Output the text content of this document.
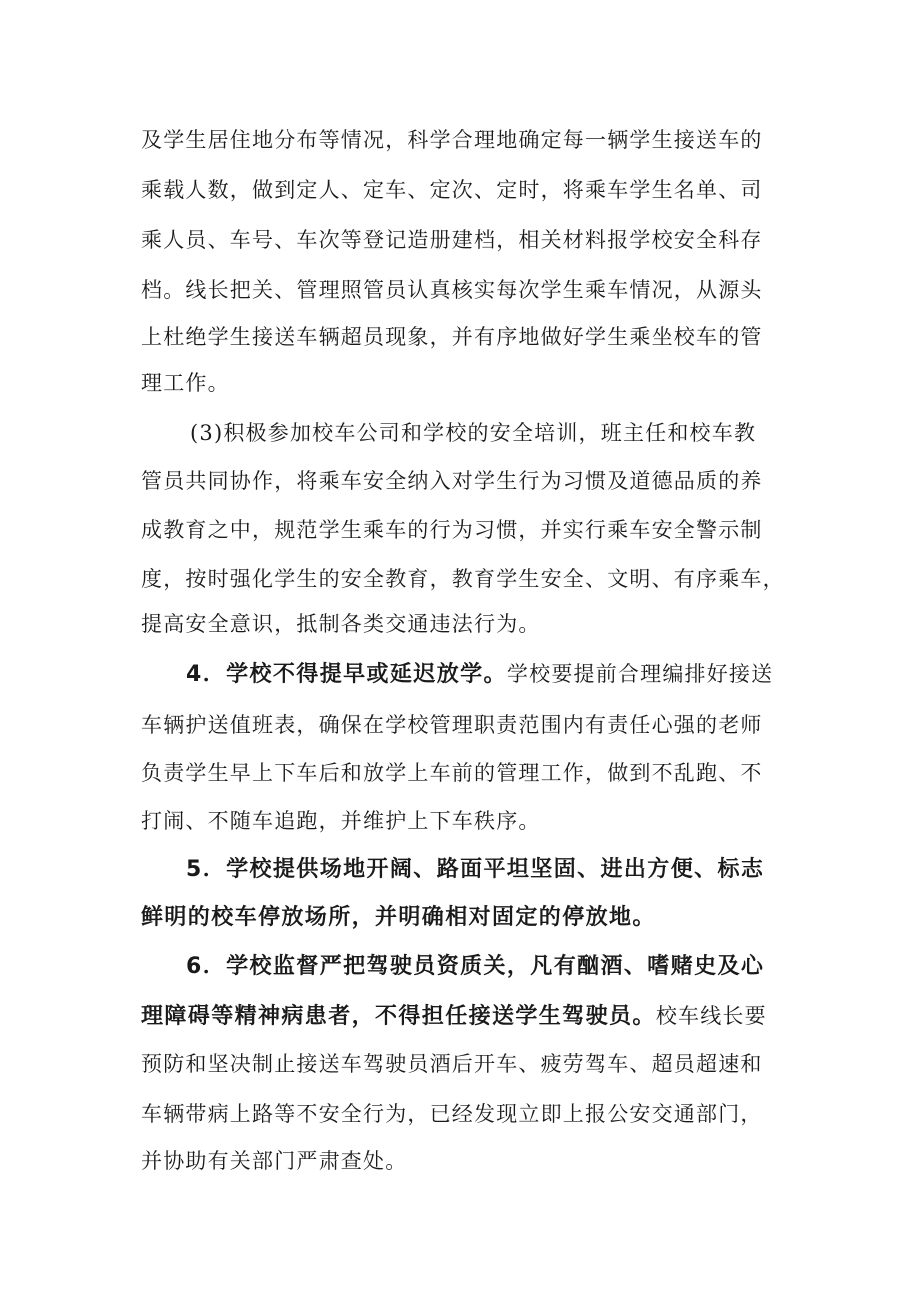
及学生居住地分布等情况，科学合理地确定每一辆学生接送车的
乘载人数，做到定人、定车、定次、定时，将乘车学生名单、司
乘人员、车号、车次等登记造册建档，相关材料报学校安全科存
档。线长把关、管理照管员认真核实每次学生乘车情况，从源头
上杜绝学生接送车辆超员现象，并有序地做好学生乘坐校车的管
理工作。
(3)积极参加校车公司和学校的安全培训，班主任和校车教
管员共同协作，将乘车安全纳入对学生行为习惯及道德品质的养
成教育之中，规范学生乘车的行为习惯，并实行乘车安全警示制
度，按时强化学生的安全教育，教育学生安全、文明、有序乘车，
提高安全意识，抵制各类交通违法行为。
4．学校不得提早或延迟放学。学校要提前合理编排好接送
车辆护送值班表，确保在学校管理职责范围内有责任心强的老师
负责学生早上下车后和放学上车前的管理工作，做到不乱跑、不
打闹、不随车追跑，并维护上下车秩序。
5．学校提供场地开阔、路面平坦坚固、进出方便、标志
鲜明的校车停放场所，并明确相对固定的停放地。
6．学校监督严把驾驶员资质关，凡有酗酒、嗜赌史及心
理障碍等精神病患者，不得担任接送学生驾驶员。校车线长要
预防和坚决制止接送车驾驶员酒后开车、疲劳驾车、超员超速和
车辆带病上路等不安全行为，已经发现立即上报公安交通部门，
并协助有关部门严肃查处。
